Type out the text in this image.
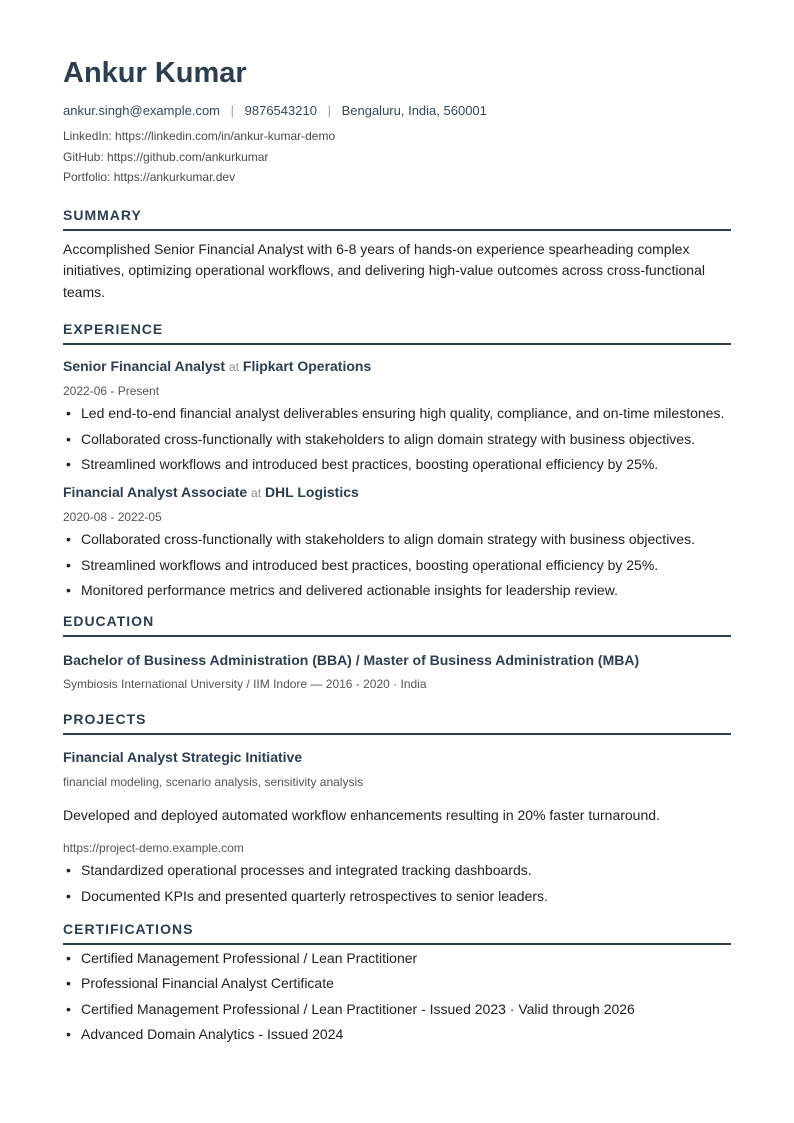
Ankur Kumar
ankur.singh@example.com | 9876543210 | Bengaluru, India, 560001
LinkedIn: https://linkedin.com/in/ankur-kumar-demo
GitHub: https://github.com/ankurkumar
Portfolio: https://ankurkumar.dev
SUMMARY
Accomplished Senior Financial Analyst with 6-8 years of hands-on experience spearheading complex initiatives, optimizing operational workflows, and delivering high-value outcomes across cross-functional teams.
EXPERIENCE
Senior Financial Analyst at Flipkart Operations
2022-06 - Present
• Led end-to-end financial analyst deliverables ensuring high quality, compliance, and on-time milestones.
• Collaborated cross-functionally with stakeholders to align domain strategy with business objectives.
• Streamlined workflows and introduced best practices, boosting operational efficiency by 25%.
Financial Analyst Associate at DHL Logistics
2020-08 - 2022-05
• Collaborated cross-functionally with stakeholders to align domain strategy with business objectives.
• Streamlined workflows and introduced best practices, boosting operational efficiency by 25%.
• Monitored performance metrics and delivered actionable insights for leadership review.
EDUCATION
Bachelor of Business Administration (BBA) / Master of Business Administration (MBA)
Symbiosis International University / IIM Indore — 2016 - 2020 · India
PROJECTS
Financial Analyst Strategic Initiative
financial modeling, scenario analysis, sensitivity analysis
Developed and deployed automated workflow enhancements resulting in 20% faster turnaround.
https://project-demo.example.com
• Standardized operational processes and integrated tracking dashboards.
• Documented KPIs and presented quarterly retrospectives to senior leaders.
CERTIFICATIONS
• Certified Management Professional / Lean Practitioner
• Professional Financial Analyst Certificate
• Certified Management Professional / Lean Practitioner - Issued 2023 · Valid through 2026
• Advanced Domain Analytics - Issued 2024
